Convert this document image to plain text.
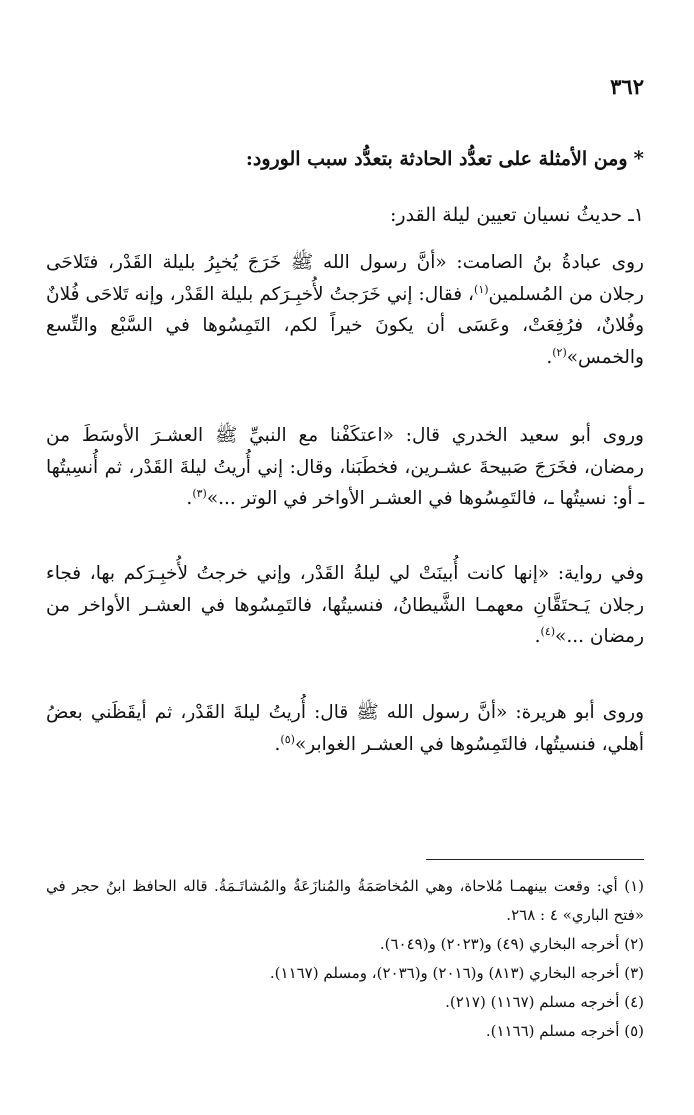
٣٦٢
*ومن الأمثلة على تعدُّد الحادثة بتعدُّد سبب الورود:
١ـ حديثُ نسيان تعيين ليلة القدر:
روى عبادةُ بنُ الصامت: «أنَّ رسول الله ﷺ خَرَجَ يُخبِرُ بليلة القَدْر، فتَلاحَى رجلان من المُسلمين$^{(١)}$، فقال: إني خَرَجتُ لأُخبِـرَكم بليلة القَدْر، وإنه تَلاحَى فُلانٌ وفُلانٌ، فرُفِعَتْ، وعَسَى أن يكونَ خيراً لكم، التَمِسُوها في السَّبْع والتِّسع والخمس»$^{(٢)}$.
وروى أبو سعيد الخدري قال: «اعتكَفْنا مع النبيِّ ﷺ العشـرَ الأوسَطَ من رمضان، فخَرَجَ صَبيحةَ عشـرين، فخطَبَنا، وقال: إني أُريتُ ليلةَ القَدْر، ثم أُنسِيتُها ـ أو: نسيتُها ـ، فالتَمِسُوها في العشـر الأواخر في الوتر ...»$^{(٣)}$.
وفي رواية: «إنها كانت أُبينَتْ لي ليلةُ القَدْر، وإني خرجتُ لأُخبِـرَكم بها، فجاء رجلان يَـحتَقَّانِ معهمـا الشَّيطانُ، فنسيتُها، فالتَمِسُوها في العشـر الأواخر من رمضان ...»$^{(٤)}$.
وروى أبو هريرة: «أنَّ رسول الله ﷺ قال: أُريتُ ليلةَ القَدْر، ثم أيقَظَني بعضُ أهلي، فنسيتُها، فالتَمِسُوها في العشـر الغوابر»$^{(٥)}$.
(١) أي: وقعت بينهمـا مُلاحاة، وهي المُخاصَمَةُ والمُنازَعَةُ والمُشاتَـمَةُ. قاله الحافظ ابنُ حجر في «فتح الباري» ٤ : ٢٦٨.
(٢) أخرجه البخاري (٤٩) و(٢٠٢٣) و(٦٠٤٩).
(٣) أخرجه البخاري (٨١٣) و(٢٠١٦) و(٢٠٣٦)، ومسلم (١١٦٧).
(٤) أخرجه مسلم (١١٦٧) (٢١٧).
(٥) أخرجه مسلم (١١٦٦).
